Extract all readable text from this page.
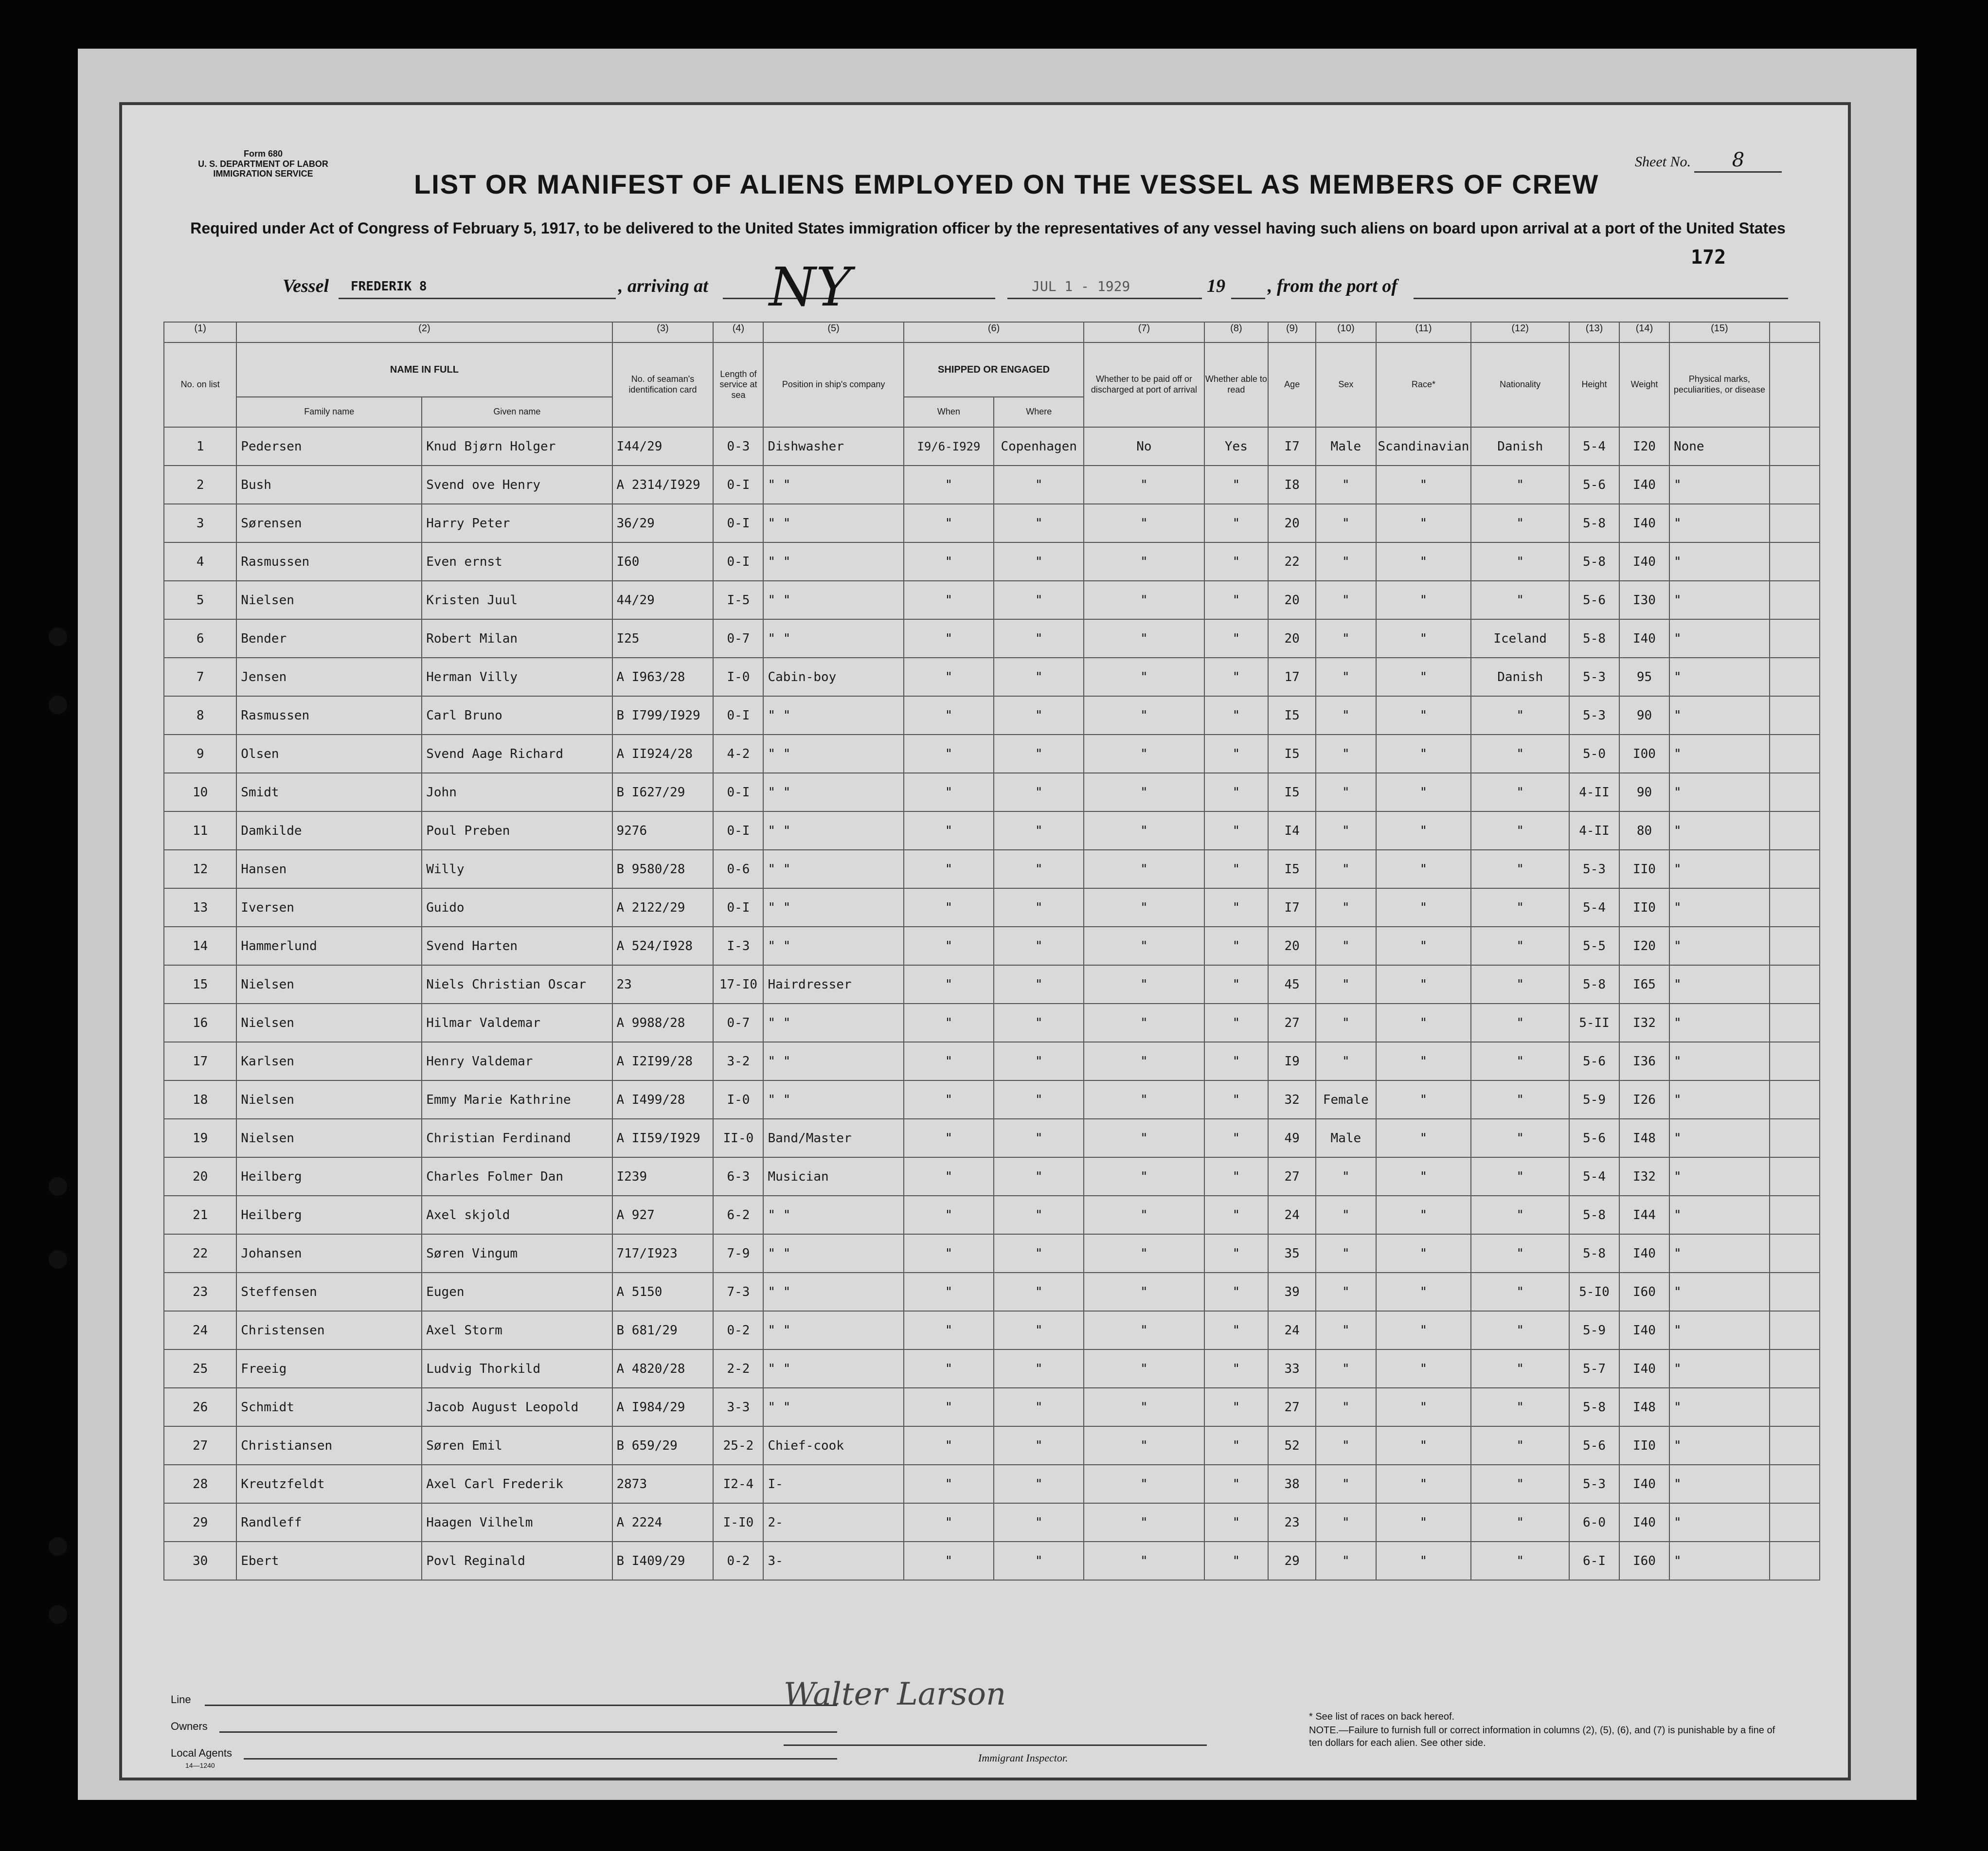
Form 680
U. S. DEPARTMENT OF LABOR
IMMIGRATION SERVICE
Sheet No. 8
LIST OR MANIFEST OF ALIENS EMPLOYED ON THE VESSEL AS MEMBERS OF CREW
Required under Act of Congress of February 5, 1917, to be delivered to the United States immigration officer by the representatives of any vessel having such aliens on board upon arrival at a port of the United States
172
Vessel FREDERIK 8	, arriving at NY	JUL 1 - 1929	19 , from the port of
(1)	(2)		(3)	(4)	(5)	(6)		(7)	(8)	(9)	(10)	(11)	(12)	(13)	(14)	(15)	
No. on list	NAME IN FULL		No. of seaman's identification card	Length of service at sea	Position in ship's company	SHIPPED OR ENGAGED		Whether to be paid off or discharged at port of arrival	Whether able to read	Age	Sex	Race*	Nationality	Height	Weight	Physical marks, peculiarities, or disease	
	Family name	Given name				When	Where										
1	Pedersen	Knud Bjørn Holger	I44/29	0-3	Dishwasher	I9/6-I929	Copenhagen	No	Yes	I7	Male	Scandinavian	Danish	5-4	I20	None	
2	Bush	Svend ove Henry	A 2314/I929	0-I	" "	"	"	"	"	I8	"	"	"	5-6	I40	"	
3	Sørensen	Harry Peter	36/29	0-I	" "	"	"	"	"	20	"	"	"	5-8	I40	"	
4	Rasmussen	Even ernst	I60	0-I	" "	"	"	"	"	22	"	"	"	5-8	I40	"	
5	Nielsen	Kristen Juul	44/29	I-5	" "	"	"	"	"	20	"	"	"	5-6	I30	"	
6	Bender	Robert Milan	I25	0-7	" "	"	"	"	"	20	"	"	Iceland	5-8	I40	"	
7	Jensen	Herman Villy	A I963/28	I-0	Cabin-boy	"	"	"	"	17	"	"	Danish	5-3	95	"	
8	Rasmussen	Carl Bruno	B I799/I929	0-I	" "	"	"	"	"	I5	"	"	"	5-3	90	"	
9	Olsen	Svend Aage Richard	A II924/28	4-2	" "	"	"	"	"	I5	"	"	"	5-0	I00	"	
10	Smidt	John	B I627/29	0-I	" "	"	"	"	"	I5	"	"	"	4-II	90	"	
11	Damkilde	Poul Preben	9276	0-I	" "	"	"	"	"	I4	"	"	"	4-II	80	"	
12	Hansen	Willy	B 9580/28	0-6	" "	"	"	"	"	I5	"	"	"	5-3	II0	"	
13	Iversen	Guido	A 2122/29	0-I	" "	"	"	"	"	I7	"	"	"	5-4	II0	"	
14	Hammerlund	Svend Harten	A 524/I928	I-3	" "	"	"	"	"	20	"	"	"	5-5	I20	"	
15	Nielsen	Niels Christian Oscar	23	17-I0	Hairdresser	"	"	"	"	45	"	"	"	5-8	I65	"	
16	Nielsen	Hilmar Valdemar	A 9988/28	0-7	" "	"	"	"	"	27	"	"	"	5-II	I32	"	
17	Karlsen	Henry Valdemar	A I2I99/28	3-2	" "	"	"	"	"	I9	"	"	"	5-6	I36	"	
18	Nielsen	Emmy Marie Kathrine	A I499/28	I-0	" "	"	"	"	"	32	Female	"	"	5-9	I26	"	
19	Nielsen	Christian Ferdinand	A II59/I929	II-0	Band/Master	"	"	"	"	49	Male	"	"	5-6	I48	"	
20	Heilberg	Charles Folmer Dan	I239	6-3	Musician	"	"	"	"	27	"	"	"	5-4	I32	"	
21	Heilberg	Axel skjold	A 927	6-2	" "	"	"	"	"	24	"	"	"	5-8	I44	"	
22	Johansen	Søren Vingum	717/I923	7-9	" "	"	"	"	"	35	"	"	"	5-8	I40	"	
23	Steffensen	Eugen	A 5150	7-3	" "	"	"	"	"	39	"	"	"	5-I0	I60	"	
24	Christensen	Axel Storm	B 681/29	0-2	" "	"	"	"	"	24	"	"	"	5-9	I40	"	
25	Freeig	Ludvig Thorkild	A 4820/28	2-2	" "	"	"	"	"	33	"	"	"	5-7	I40	"	
26	Schmidt	Jacob August Leopold	A I984/29	3-3	" "	"	"	"	"	27	"	"	"	5-8	I48	"	
27	Christiansen	Søren Emil	B 659/29	25-2	Chief-cook	"	"	"	"	52	"	"	"	5-6	II0	"	
28	Kreutzfeldt	Axel Carl Frederik	2873	I2-4	I-	"	"	"	"	38	"	"	"	5-3	I40	"	
29	Randleff	Haagen Vilhelm	A 2224	I-I0	2-	"	"	"	"	23	"	"	"	6-0	I40	"	
30	Ebert	Povl Reginald	B I409/29	0-2	3-	"	"	"	"	29	"	"	"	6-I	I60	"	
Line
Owners
Local Agents
14—1240
Walter Larson
Immigrant Inspector.
* See list of races on back hereof.
NOTE.—Failure to furnish full or correct information in columns (2), (5), (6), and (7) is punishable by a fine of ten dollars for each alien. See other side.
